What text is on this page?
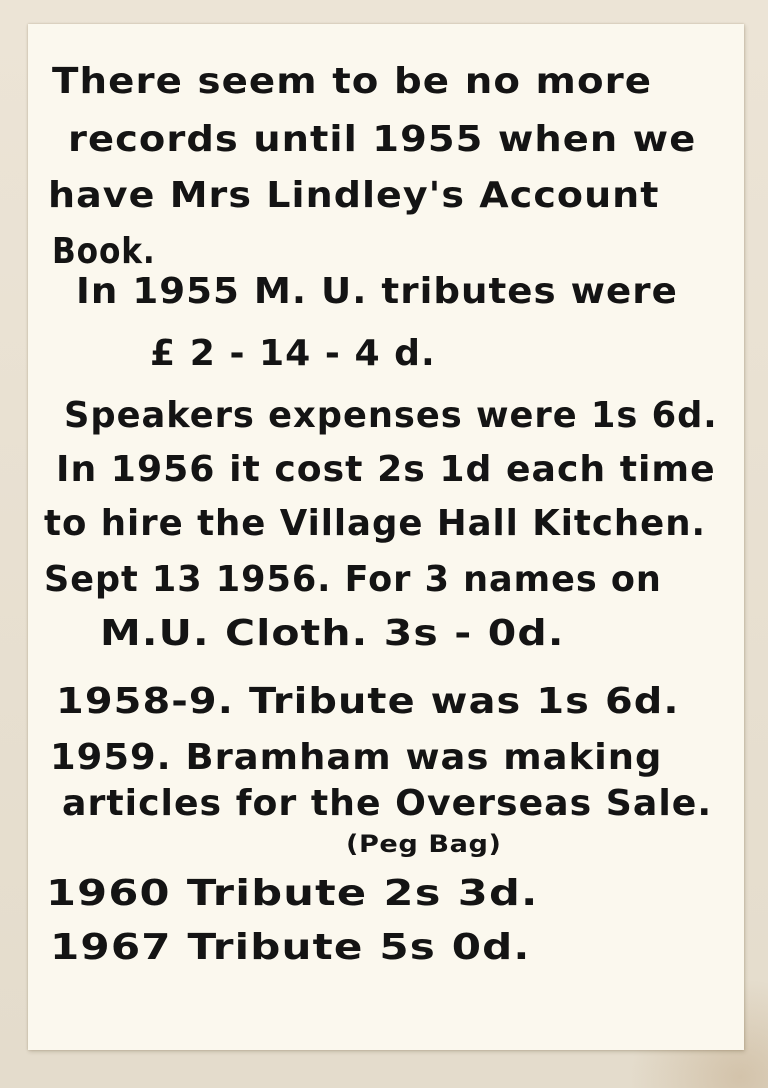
There seem to be no more
records until 1955 when we
have Mrs Lindley's Account
Book.
In 1955 M. U. tributes were
£ 2 - 14 - 4 d.
Speakers expenses were 1s 6d.
In 1956 it cost 2s 1d each time
to hire the Village Hall Kitchen.
Sept 13 1956. For 3 names on
M.U. Cloth. 3s - 0d.
1958-9. Tribute was 1s 6d.
1959. Bramham was making
articles for the Overseas Sale.
(Peg Bag)
1960 Tribute 2s 3d.
1967 Tribute 5s 0d.
